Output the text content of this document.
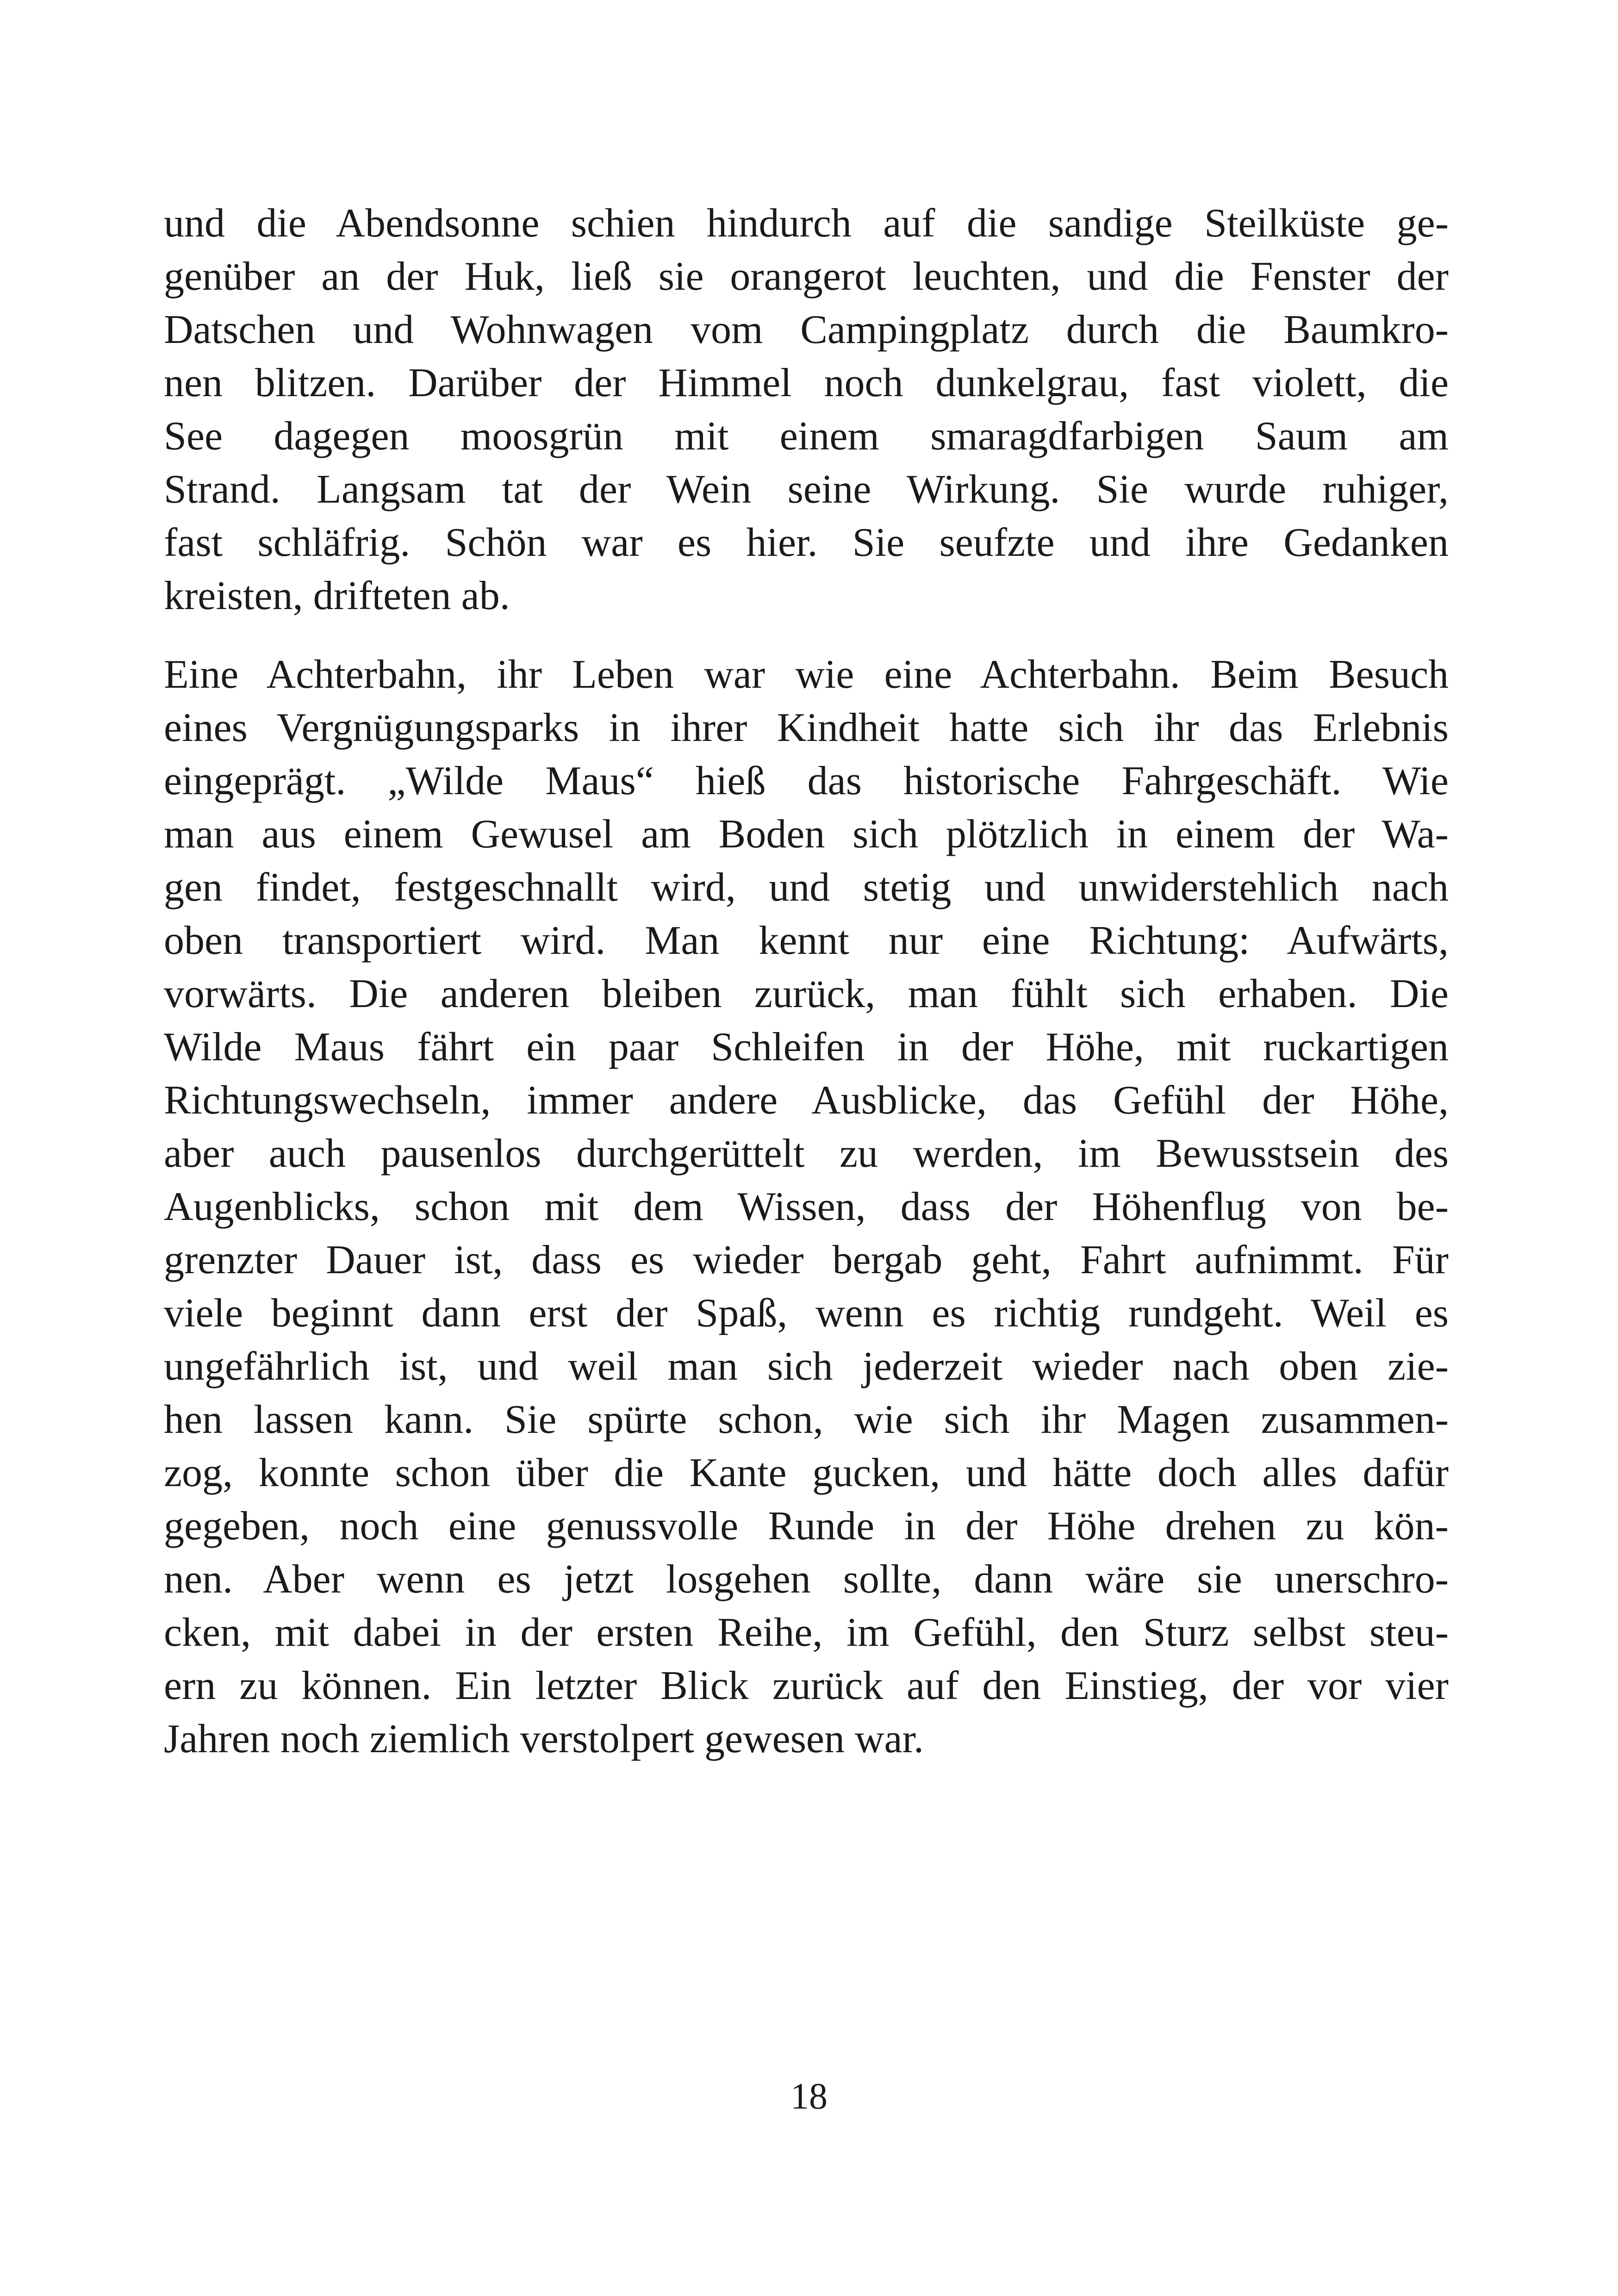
und die Abendsonne schien hindurch auf die sandige Steilküste ge-
genüber an der Huk, ließ sie orangerot leuchten, und die Fenster der
Datschen und Wohnwagen vom Campingplatz durch die Baumkro-
nen blitzen. Darüber der Himmel noch dunkelgrau, fast violett, die
See dagegen moosgrün mit einem smaragdfarbigen Saum am
Strand. Langsam tat der Wein seine Wirkung. Sie wurde ruhiger,
fast schläfrig. Schön war es hier. Sie seufzte und ihre Gedanken
kreisten, drifteten ab.
Eine Achterbahn, ihr Leben war wie eine Achterbahn. Beim Besuch
eines Vergnügungsparks in ihrer Kindheit hatte sich ihr das Erlebnis
eingeprägt. „Wilde Maus“ hieß das historische Fahrgeschäft. Wie
man aus einem Gewusel am Boden sich plötzlich in einem der Wa-
gen findet, festgeschnallt wird, und stetig und unwiderstehlich nach
oben transportiert wird. Man kennt nur eine Richtung: Aufwärts,
vorwärts. Die anderen bleiben zurück, man fühlt sich erhaben. Die
Wilde Maus fährt ein paar Schleifen in der Höhe, mit ruckartigen
Richtungswechseln, immer andere Ausblicke, das Gefühl der Höhe,
aber auch pausenlos durchgerüttelt zu werden, im Bewusstsein des
Augenblicks, schon mit dem Wissen, dass der Höhenflug von be-
grenzter Dauer ist, dass es wieder bergab geht, Fahrt aufnimmt. Für
viele beginnt dann erst der Spaß, wenn es richtig rundgeht. Weil es
ungefährlich ist, und weil man sich jederzeit wieder nach oben zie-
hen lassen kann. Sie spürte schon, wie sich ihr Magen zusammen-
zog, konnte schon über die Kante gucken, und hätte doch alles dafür
gegeben, noch eine genussvolle Runde in der Höhe drehen zu kön-
nen. Aber wenn es jetzt losgehen sollte, dann wäre sie unerschro-
cken, mit dabei in der ersten Reihe, im Gefühl, den Sturz selbst steu-
ern zu können. Ein letzter Blick zurück auf den Einstieg, der vor vier
Jahren noch ziemlich verstolpert gewesen war.
18
